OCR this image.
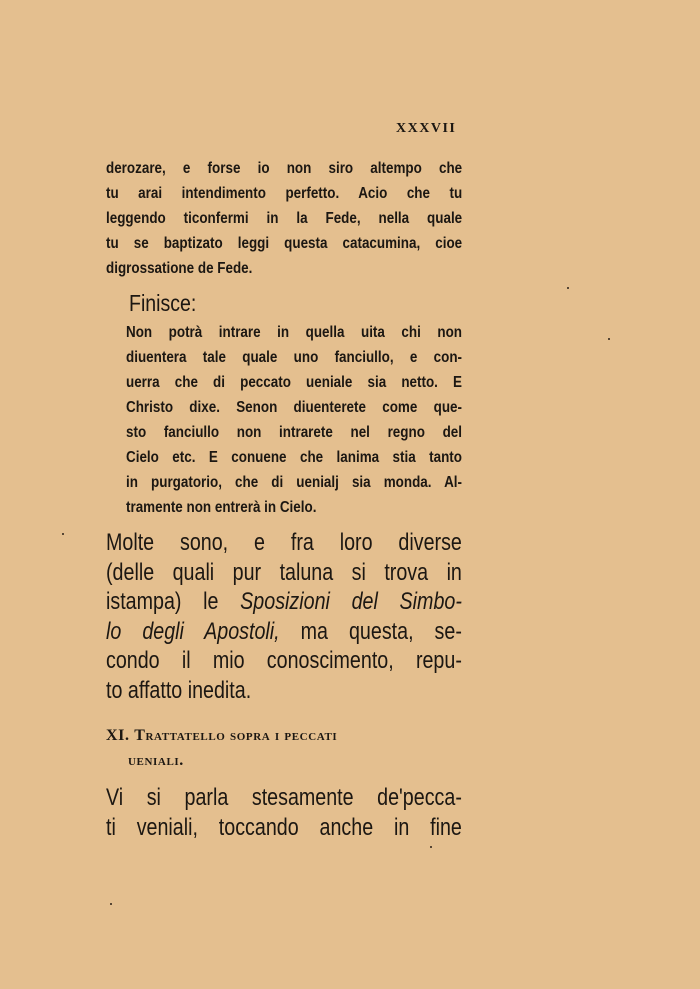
XXXVII
derozare, e forse io non siro altempo che
tu arai intendimento perfetto. Acio che tu
leggendo ticonfermi in la Fede, nella quale
tu se baptizato leggi questa catacumina, cioe
digrossatione de Fede.
Finisce:
Non potrà intrare in quella uita chi non
diuentera tale quale uno fanciullo, e con-
uerra che di peccato ueniale sia netto. E
Christo dixe. Senon diuenterete come que-
sto fanciullo non intrarete nel regno del
Cielo etc. E conuene che lanima stia tanto
in purgatorio, che di uenialj sia monda. Al-
tramente non entrerà in Cielo.
Molte sono, e fra loro diverse
(delle quali pur taluna si trova in
istampa) le Sposizioni del Simbo-
lo degli Apostoli, ma questa, se-
condo il mio conoscimento, repu-
to affatto inedita.
XI. Trattatello sopra i peccati
ueniali.
Vi si parla stesamente de'pecca-
ti veniali, toccando anche in fine
